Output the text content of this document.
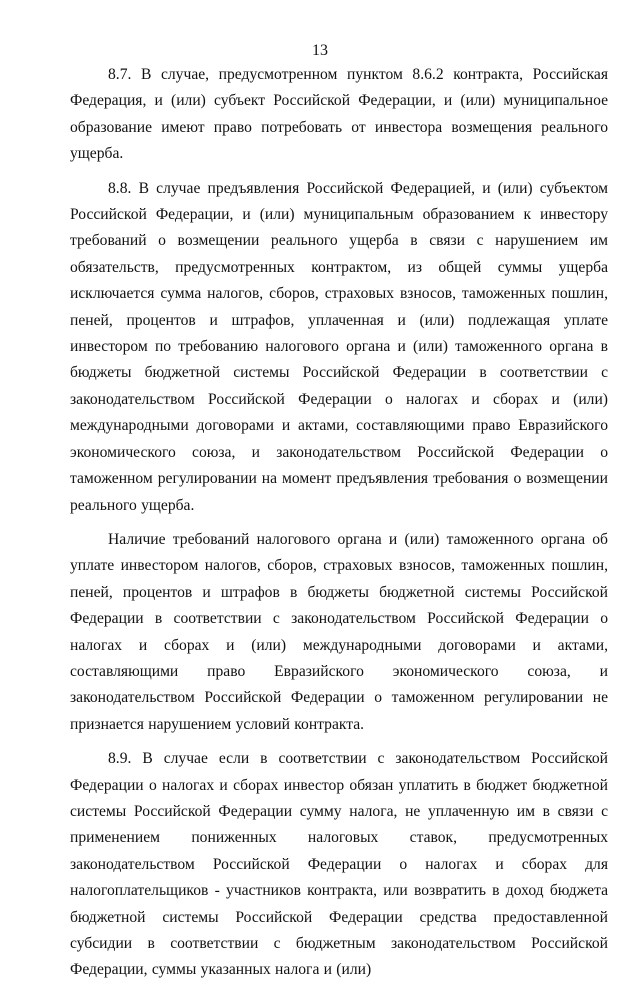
13

8.7. В случае, предусмотренном пунктом 8.6.2 контракта, Российская Федерация, и (или) субъект Российской Федерации, и (или) муниципальное образование имеют право потребовать от инвестора возмещения реального ущерба.

8.8. В случае предъявления Российской Федерацией, и (или) субъектом Российской Федерации, и (или) муниципальным образованием к инвестору требований о возмещении реального ущерба в связи с нарушением им обязательств, предусмотренных контрактом, из общей суммы ущерба исключается сумма налогов, сборов, страховых взносов, таможенных пошлин, пеней, процентов и штрафов, уплаченная и (или) подлежащая уплате инвестором по требованию налогового органа и (или) таможенного органа в бюджеты бюджетной системы Российской Федерации в соответствии с законодательством Российской Федерации о налогах и сборах и (или) международными договорами и актами, составляющими право Евразийского экономического союза, и законодательством Российской Федерации о таможенном регулировании на момент предъявления требования о возмещении реального ущерба.

Наличие требований налогового органа и (или) таможенного органа об уплате инвестором налогов, сборов, страховых взносов, таможенных пошлин, пеней, процентов и штрафов в бюджеты бюджетной системы Российской Федерации в соответствии с законодательством Российской Федерации о налогах и сборах и (или) международными договорами и актами, составляющими право Евразийского экономического союза, и законодательством Российской Федерации о таможенном регулировании не признается нарушением условий контракта.

8.9. В случае если в соответствии с законодательством Российской Федерации о налогах и сборах инвестор обязан уплатить в бюджет бюджетной системы Российской Федерации сумму налога, не уплаченную им в связи с применением пониженных налоговых ставок, предусмотренных законодательством Российской Федерации о налогах и сборах для налогоплательщиков - участников контракта, или возвратить в доход бюджета бюджетной системы Российской Федерации средства предоставленной субсидии в соответствии с бюджетным законодательством Российской Федерации, суммы указанных налога и (или)
